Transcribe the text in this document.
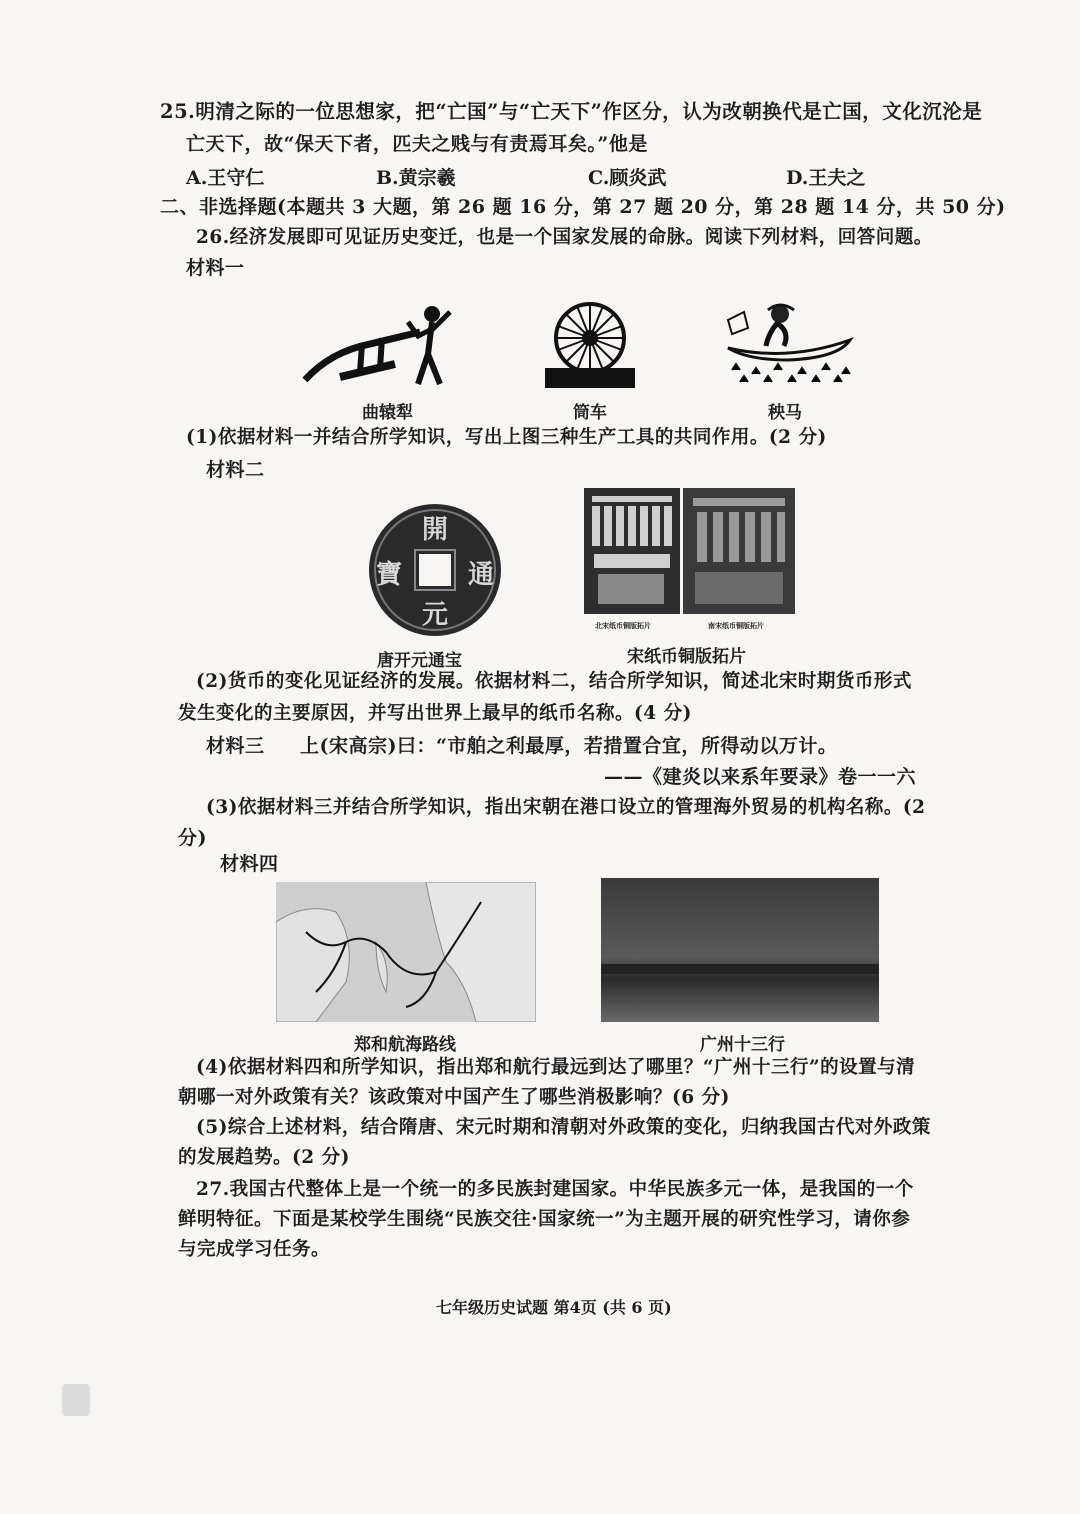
25.明清之际的一位思想家，把“亡国”与“亡天下”作区分，认为改朝换代是亡国，文化沉沦是
亡天下，故“保天下者，匹夫之贱与有责焉耳矣。”他是
A.王守仁	B.黄宗羲	C.顾炎武	D.王夫之
二、非选择题(本题共 3 大题，第 26 题 16 分，第 27 题 20 分，第 28 题 14 分，共 50 分)
26.经济发展即可见证历史变迁，也是一个国家发展的命脉。阅读下列材料，回答问题。
材料一
曲辕犁	筒车	秧马
(1)依据材料一并结合所学知识，写出上图三种生产工具的共同作用。(2 分)
材料二
開
通
元
寶
唐开元通宝
北宋纸币铜版拓片	南宋纸币铜版拓片
宋纸币铜版拓片
(2)货币的变化见证经济的发展。依据材料二，结合所学知识，简述北宋时期货币形式
发生变化的主要原因，并写出世界上最早的纸币名称。(4 分)
材料三 上(宋高宗)曰：“市舶之利最厚，若措置合宜，所得动以万计。
——《建炎以来系年要录》卷一一六
(3)依据材料三并结合所学知识，指出宋朝在港口设立的管理海外贸易的机构名称。(2
分)
材料四
郑和航海路线	广州十三行
(4)依据材料四和所学知识，指出郑和航行最远到达了哪里？“广州十三行”的设置与清
朝哪一对外政策有关？该政策对中国产生了哪些消极影响？(6 分)
(5)综合上述材料，结合隋唐、宋元时期和清朝对外政策的变化，归纳我国古代对外政策
的发展趋势。(2 分)
27.我国古代整体上是一个统一的多民族封建国家。中华民族多元一体，是我国的一个
鲜明特征。下面是某校学生围绕“民族交往·国家统一”为主题开展的研究性学习，请你参
与完成学习任务。
七年级历史试题 第4页 (共 6 页)
